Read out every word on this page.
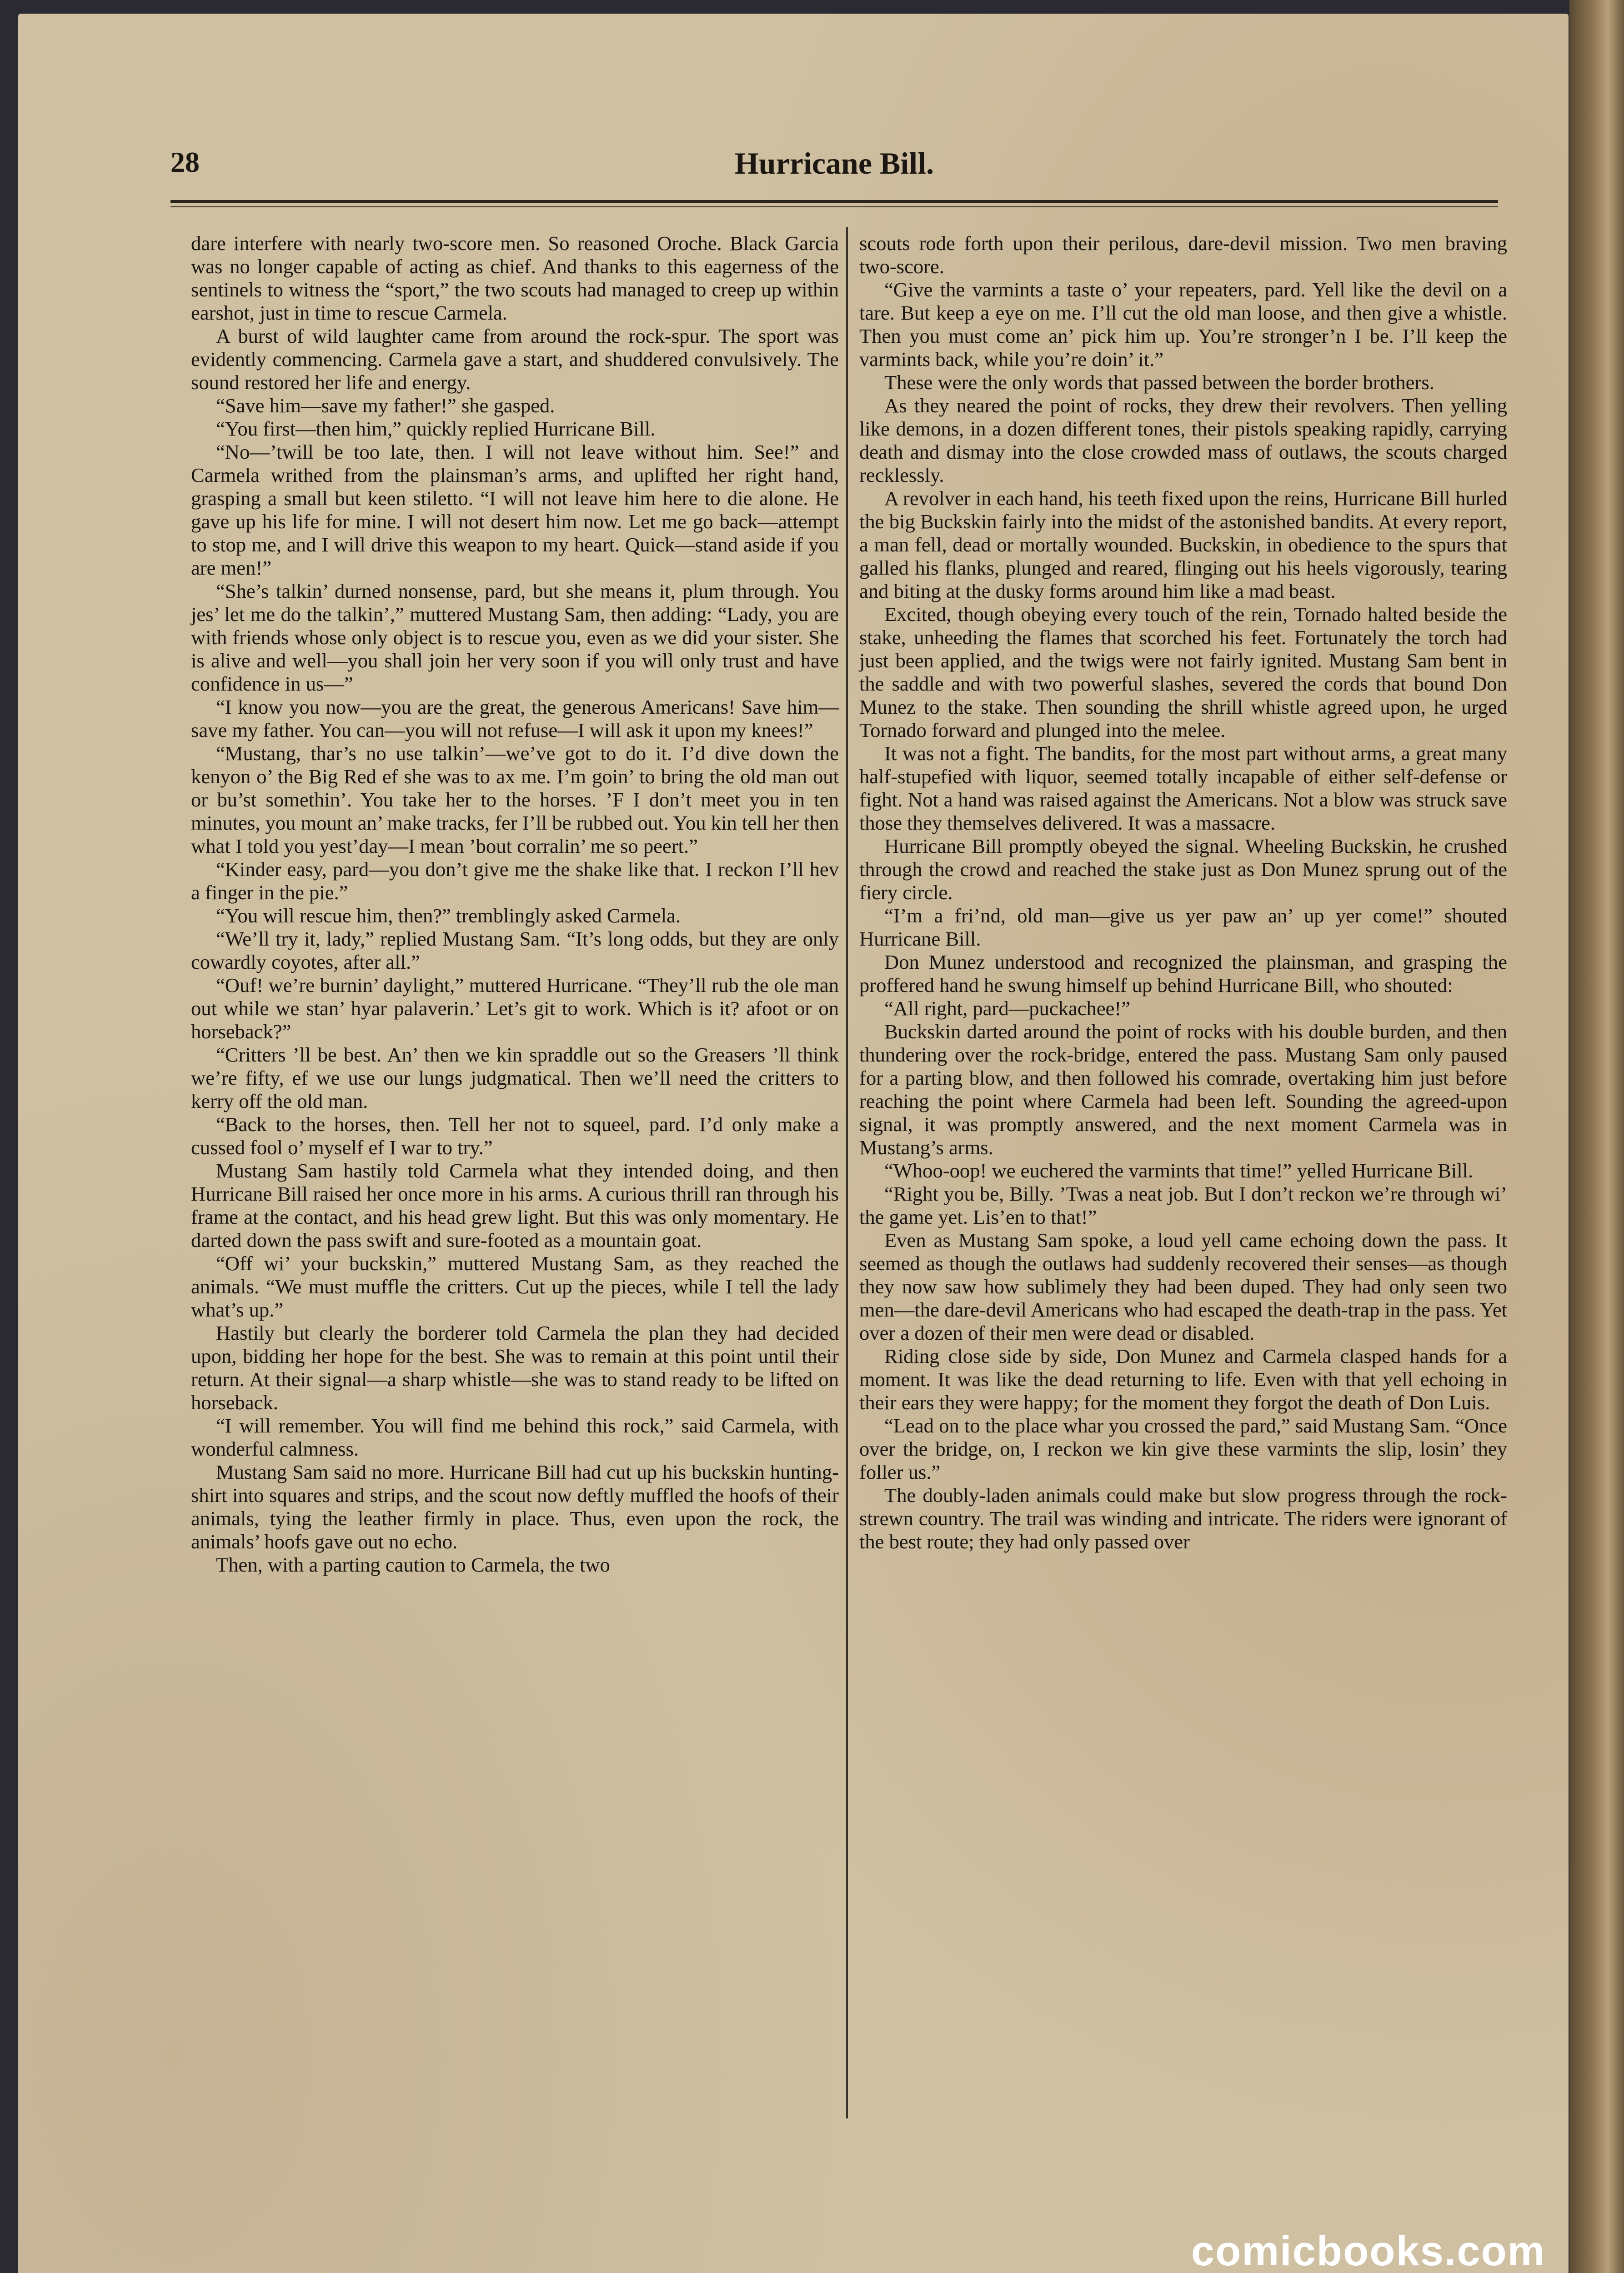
28	Hurricane Bill.

dare interfere with nearly two-score men. So reasoned Oroche. Black Garcia was no longer capable of acting as chief. And thanks to this eagerness of the sentinels to witness the “sport,” the two scouts had managed to creep up within earshot, just in time to rescue Carmela.

A burst of wild laughter came from around the rock-spur. The sport was evidently commencing. Carmela gave a start, and shuddered convulsively. The sound restored her life and energy.

“Save him—save my father!” she gasped.

“You first—then him,” quickly replied Hurricane Bill.

“No—’twill be too late, then. I will not leave without him. See!” and Carmela writhed from the plainsman’s arms, and uplifted her right hand, grasping a small but keen stiletto. “I will not leave him here to die alone. He gave up his life for mine. I will not desert him now. Let me go back—attempt to stop me, and I will drive this weapon to my heart. Quick—stand aside if you are men!”

“She’s talkin’ durned nonsense, pard, but she means it, plum through. You jes’ let me do the talkin’,” muttered Mustang Sam, then adding: “Lady, you are with friends whose only object is to rescue you, even as we did your sister. She is alive and well—you shall join her very soon if you will only trust and have confidence in us—”

“I know you now—you are the great, the generous Americans! Save him—save my father. You can—you will not refuse—I will ask it upon my knees!”

“Mustang, thar’s no use talkin’—we’ve got to do it. I’d dive down the kenyon o’ the Big Red ef she was to ax me. I’m goin’ to bring the old man out or bu’st somethin’. You take her to the horses. ’F I don’t meet you in ten minutes, you mount an’ make tracks, fer I’ll be rubbed out. You kin tell her then what I told you yest’day—I mean ’bout corralin’ me so peert.”

“Kinder easy, pard—you don’t give me the shake like that. I reckon I’ll hev a finger in the pie.”

“You will rescue him, then?” tremblingly asked Carmela.

“We’ll try it, lady,” replied Mustang Sam. “It’s long odds, but they are only cowardly coyotes, after all.”

“Ouf! we’re burnin’ daylight,” muttered Hurricane. “They’ll rub the ole man out while we stan’ hyar palaverin.’ Let’s git to work. Which is it? afoot or on horseback?”

“Critters ’ll be best. An’ then we kin spraddle out so the Greasers ’ll think we’re fifty, ef we use our lungs judgmatical. Then we’ll need the critters to kerry off the old man.

“Back to the horses, then. Tell her not to squeel, pard. I’d only make a cussed fool o’ myself ef I war to try.”

Mustang Sam hastily told Carmela what they intended doing, and then Hurricane Bill raised her once more in his arms. A curious thrill ran through his frame at the contact, and his head grew light. But this was only momentary. He darted down the pass swift and sure-footed as a mountain goat.

“Off wi’ your buckskin,” muttered Mustang Sam, as they reached the animals. “We must muffle the critters. Cut up the pieces, while I tell the lady what’s up.”

Hastily but clearly the borderer told Carmela the plan they had decided upon, bidding her hope for the best. She was to remain at this point until their return. At their signal—a sharp whistle—she was to stand ready to be lifted on horseback.

“I will remember. You will find me behind this rock,” said Carmela, with wonderful calmness.

Mustang Sam said no more. Hurricane Bill had cut up his buckskin hunting-shirt into squares and strips, and the scout now deftly muffled the hoofs of their animals, tying the leather firmly in place. Thus, even upon the rock, the animals’ hoofs gave out no echo.

Then, with a parting caution to Carmela, the two

scouts rode forth upon their perilous, dare-devil mission. Two men braving two-score.

“Give the varmints a taste o’ your repeaters, pard. Yell like the devil on a tare. But keep a eye on me. I’ll cut the old man loose, and then give a whistle. Then you must come an’ pick him up. You’re stronger’n I be. I’ll keep the varmints back, while you’re doin’ it.”

These were the only words that passed between the border brothers.

As they neared the point of rocks, they drew their revolvers. Then yelling like demons, in a dozen different tones, their pistols speaking rapidly, carrying death and dismay into the close crowded mass of outlaws, the scouts charged recklessly.

A revolver in each hand, his teeth fixed upon the reins, Hurricane Bill hurled the big Buckskin fairly into the midst of the astonished bandits. At every report, a man fell, dead or mortally wounded. Buckskin, in obedience to the spurs that galled his flanks, plunged and reared, flinging out his heels vigorously, tearing and biting at the dusky forms around him like a mad beast.

Excited, though obeying every touch of the rein, Tornado halted beside the stake, unheeding the flames that scorched his feet. Fortunately the torch had just been applied, and the twigs were not fairly ignited. Mustang Sam bent in the saddle and with two powerful slashes, severed the cords that bound Don Munez to the stake. Then sounding the shrill whistle agreed upon, he urged Tornado forward and plunged into the melee.

It was not a fight. The bandits, for the most part without arms, a great many half-stupefied with liquor, seemed totally incapable of either self-defense or fight. Not a hand was raised against the Americans. Not a blow was struck save those they themselves delivered. It was a massacre.

Hurricane Bill promptly obeyed the signal. Wheeling Buckskin, he crushed through the crowd and reached the stake just as Don Munez sprung out of the fiery circle.

“I’m a fri’nd, old man—give us yer paw an’ up yer come!” shouted Hurricane Bill.

Don Munez understood and recognized the plainsman, and grasping the proffered hand he swung himself up behind Hurricane Bill, who shouted:

“All right, pard—puckachee!”

Buckskin darted around the point of rocks with his double burden, and then thundering over the rock-bridge, entered the pass. Mustang Sam only paused for a parting blow, and then followed his comrade, overtaking him just before reaching the point where Carmela had been left. Sounding the agreed-upon signal, it was promptly answered, and the next moment Carmela was in Mustang’s arms.

“Whoo-oop! we euchered the varmints that time!” yelled Hurricane Bill.

“Right you be, Billy. ’Twas a neat job. But I don’t reckon we’re through wi’ the game yet. Lis’en to that!”

Even as Mustang Sam spoke, a loud yell came echoing down the pass. It seemed as though the outlaws had suddenly recovered their senses—as though they now saw how sublimely they had been duped. They had only seen two men—the dare-devil Americans who had escaped the death-trap in the pass. Yet over a dozen of their men were dead or disabled.

Riding close side by side, Don Munez and Carmela clasped hands for a moment. It was like the dead returning to life. Even with that yell echoing in their ears they were happy; for the moment they forgot the death of Don Luis.

“Lead on to the place whar you crossed the pard,” said Mustang Sam. “Once over the bridge, on, I reckon we kin give these varmints the slip, losin’ they foller us.”

The doubly-laden animals could make but slow progress through the rock-strewn country. The trail was winding and intricate. The riders were ignorant of the best route; they had only passed over

comicbooks.com
